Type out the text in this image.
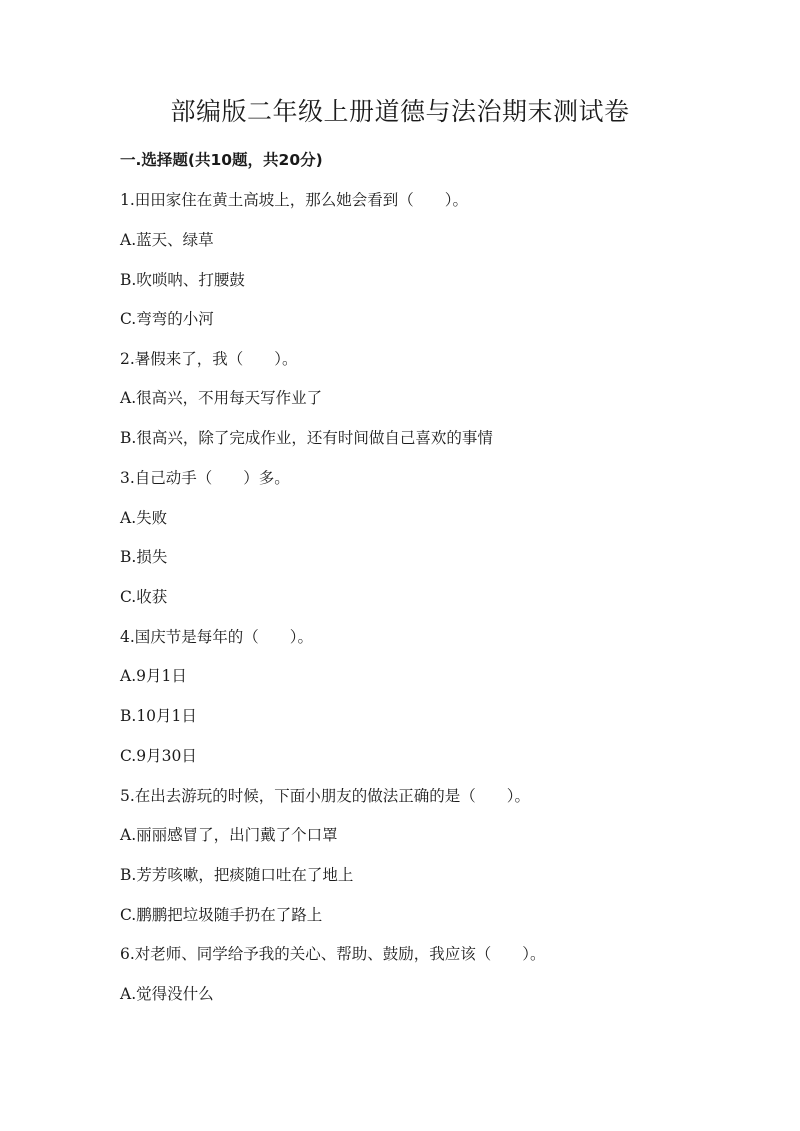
部编版二年级上册道德与法治期末测试卷
一.选择题(共10题，共20分)
1.田田家住在黄土高坡上，那么她会看到（　　）。
A.蓝天、绿草
B.吹唢呐、打腰鼓
C.弯弯的小河
2.暑假来了，我（　　）。
A.很高兴，不用每天写作业了
B.很高兴，除了完成作业，还有时间做自己喜欢的事情
3.自己动手（　　）多。
A.失败
B.损失
C.收获
4.国庆节是每年的（　　）。
A.9月1日
B.10月1日
C.9月30日
5.在出去游玩的时候，下面小朋友的做法正确的是（　　）。
A.丽丽感冒了，出门戴了个口罩
B.芳芳咳嗽，把痰随口吐在了地上
C.鹏鹏把垃圾随手扔在了路上
6.对老师、同学给予我的关心、帮助、鼓励，我应该（　　）。
A.觉得没什么
